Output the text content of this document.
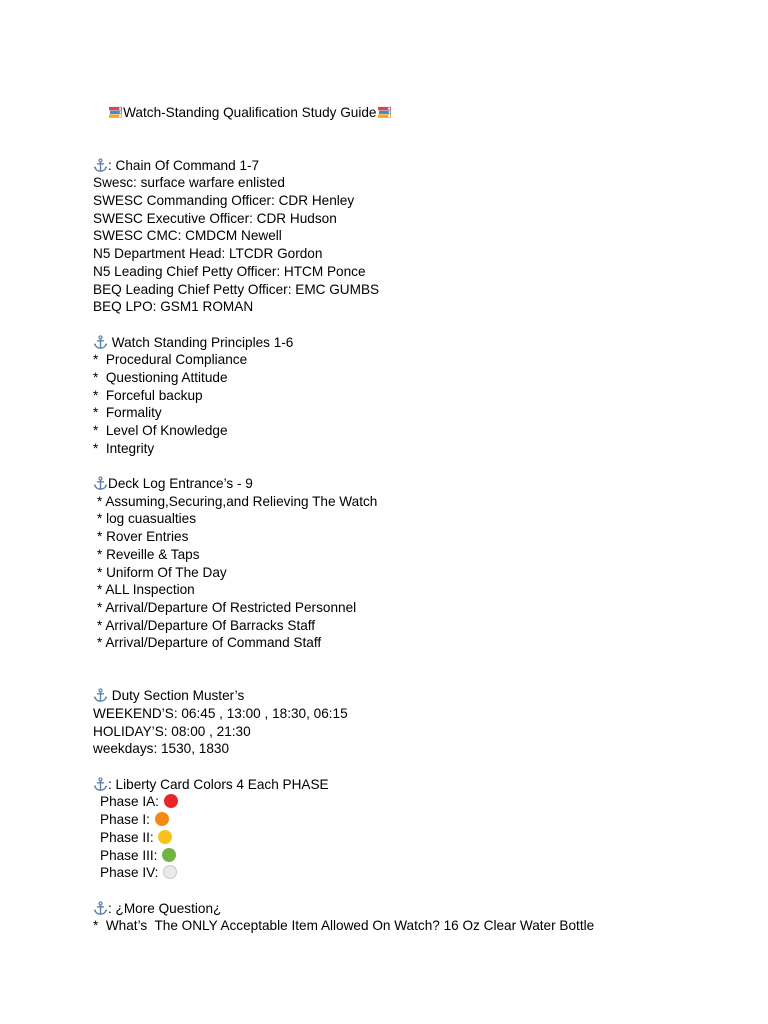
Watch-Standing Qualification Study Guide

: Chain Of Command 1-7
Swesc: surface warfare enlisted
SWESC Commanding Officer: CDR Henley
SWESC Executive Officer: CDR Hudson
SWESC CMC: CMDCM Newell
N5 Department Head: LTCDR Gordon
N5 Leading Chief Petty Officer: HTCM Ponce
BEQ Leading Chief Petty Officer: EMC GUMBS
BEQ LPO: GSM1 ROMAN
Watch Standing Principles 1-6
*  Procedural Compliance
*  Questioning Attitude
*  Forceful backup
*  Formality
*  Level Of Knowledge
*  Integrity
Deck Log Entrance’s - 9
* Assuming,Securing,and Relieving The Watch
* log cuasualties
* Rover Entries
* Reveille & Taps
* Uniform Of The Day
* ALL Inspection
* Arrival/Departure Of Restricted Personnel
* Arrival/Departure Of Barracks Staff
* Arrival/Departure of Command Staff
Duty Section Muster’s
WEEKEND’S: 06:45 , 13:00 , 18:30, 06:15
HOLIDAY’S: 08:00 , 21:30
weekdays: 1530, 1830
: Liberty Card Colors 4 Each PHASE
Phase IA:
Phase I:
Phase II:
Phase III:
Phase IV:
: ¿More Question¿
*  What’s  The ONLY Acceptable Item Allowed On Watch? 16 Oz Clear Water Bottle
